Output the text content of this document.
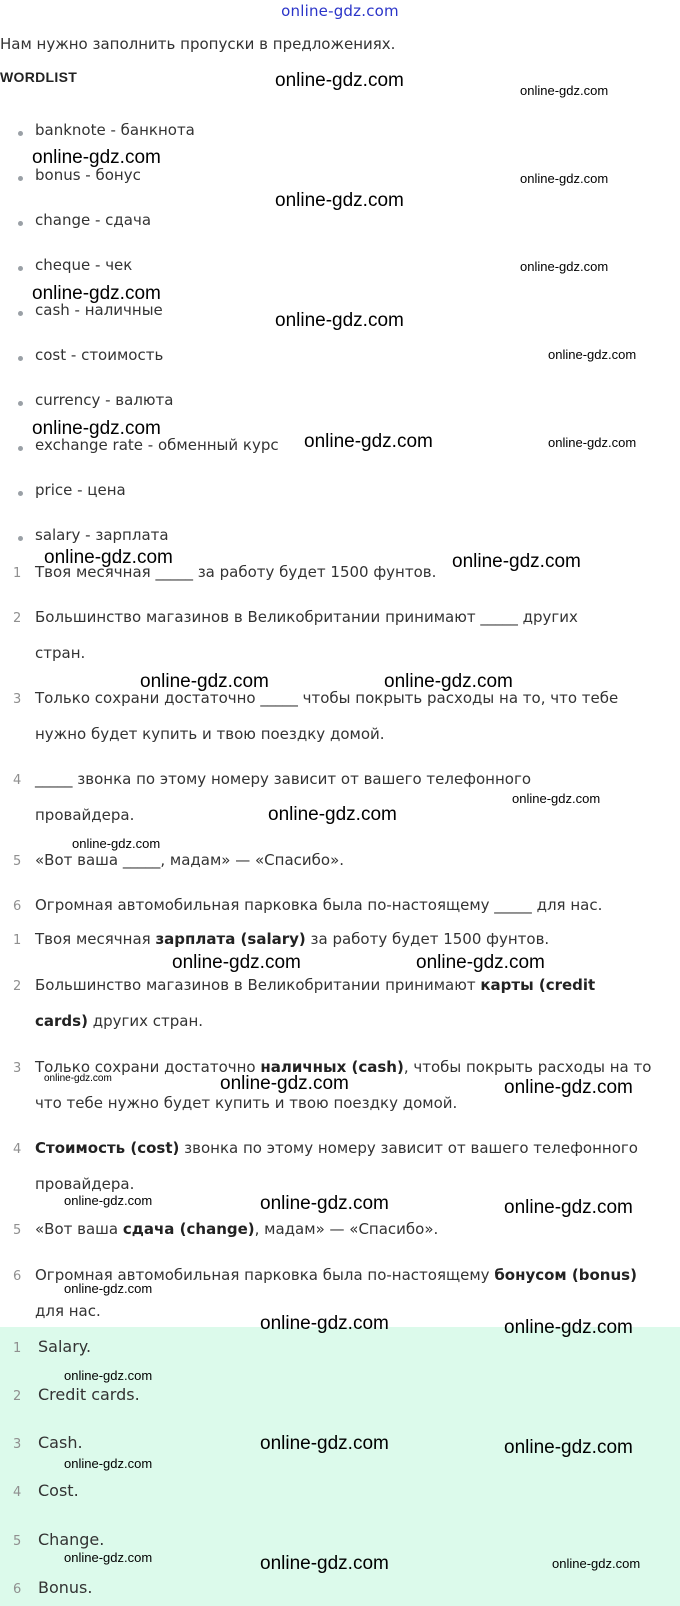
online-gdz.com
Нам нужно заполнить пропуски в предложениях.
WORDLIST
banknote - банкнота
bonus - бонус
change - сдача
cheque - чек
cash - наличные
cost - стоимость
currency - валюта
exchange rate - обменный курс
price - цена
salary - зарплата
1 Твоя месячная _____ за работу будет 1500 фунтов.
2 Большинство магазинов в Великобритании принимают _____ других
стран.
3 Только сохрани достаточно _____ чтобы покрыть расходы на то, что тебе
нужно будет купить и твою поездку домой.
4 _____ звонка по этому номеру зависит от вашего телефонного
провайдера.
5 «Вот ваша _____, мадам» — «Спасибо».
6 Огромная автомобильная парковка была по-настоящему _____ для нас.
1 Твоя месячная зарплата (salary) за работу будет 1500 фунтов.
2 Большинство магазинов в Великобритании принимают карты (credit
cards) других стран.
3 Только сохрани достаточно наличных (cash), чтобы покрыть расходы на то
что тебе нужно будет купить и твою поездку домой.
4 Стоимость (cost) звонка по этому номеру зависит от вашего телефонного
провайдера.
5 «Вот ваша сдача (change), мадам» — «Спасибо».
6 Огромная автомобильная парковка была по-настоящему бонусом (bonus)
для нас.
1 Salary.
2 Credit cards.
3 Cash.
4 Cost.
5 Change.
6 Bonus.
online-gdz.com	online-gdz.com
online-gdz.com
online-gdz.com
online-gdz.com
online-gdz.com
online-gdz.com
online-gdz.com
online-gdz.com
online-gdz.com
online-gdz.com	online-gdz.com
online-gdz.com	online-gdz.com
online-gdz.com	online-gdz.com
online-gdz.com
online-gdz.com
online-gdz.com
online-gdz.com	online-gdz.com
online-gdz.com	online-gdz.com	online-gdz.com
online-gdz.com	online-gdz.com	online-gdz.com
online-gdz.com
online-gdz.com	online-gdz.com
online-gdz.com
online-gdz.com	online-gdz.com
online-gdz.com
online-gdz.com	online-gdz.com	online-gdz.com
